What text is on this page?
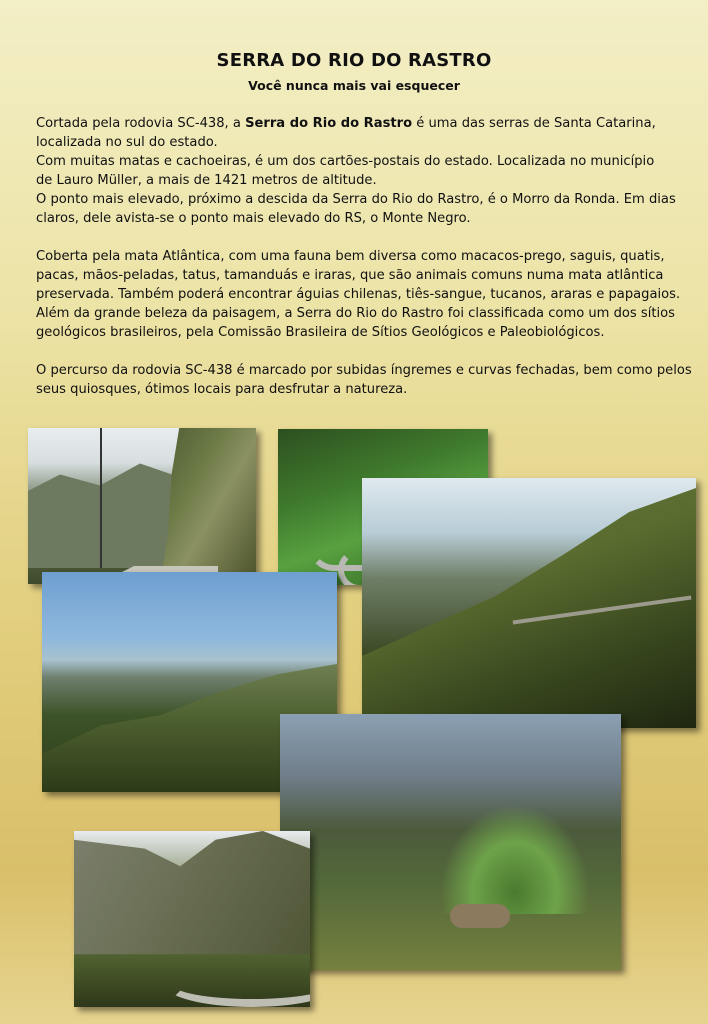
SERRA DO RIO DO RASTRO
Você nunca mais vai esquecer

Cortada pela rodovia SC-438, a Serra do Rio do Rastro é uma das serras de Santa Catarina,
localizada no sul do estado.
Com muitas matas e cachoeiras, é um dos cartões-postais do estado. Localizada no município
de Lauro Müller, a mais de 1421 metros de altitude.
O ponto mais elevado, próximo a descida da Serra do Rio do Rastro, é o Morro da Ronda. Em dias
claros, dele avista-se o ponto mais elevado do RS, o Monte Negro.

Coberta pela mata Atlântica, com uma fauna bem diversa como macacos-prego, saguis, quatis,
pacas, mãos-peladas, tatus, tamanduás e iraras, que são animais comuns numa mata atlântica
preservada. Também poderá encontrar águias chilenas, tiês-sangue, tucanos, araras e papagaios.
Além da grande beleza da paisagem, a Serra do Rio do Rastro foi classificada como um dos sítios
geológicos brasileiros, pela Comissão Brasileira de Sítios Geológicos e Paleobiológicos.

O percurso da rodovia SC-438 é marcado por subidas íngremes e curvas fechadas, bem como pelos
seus quiosques, ótimos locais para desfrutar a natureza.
